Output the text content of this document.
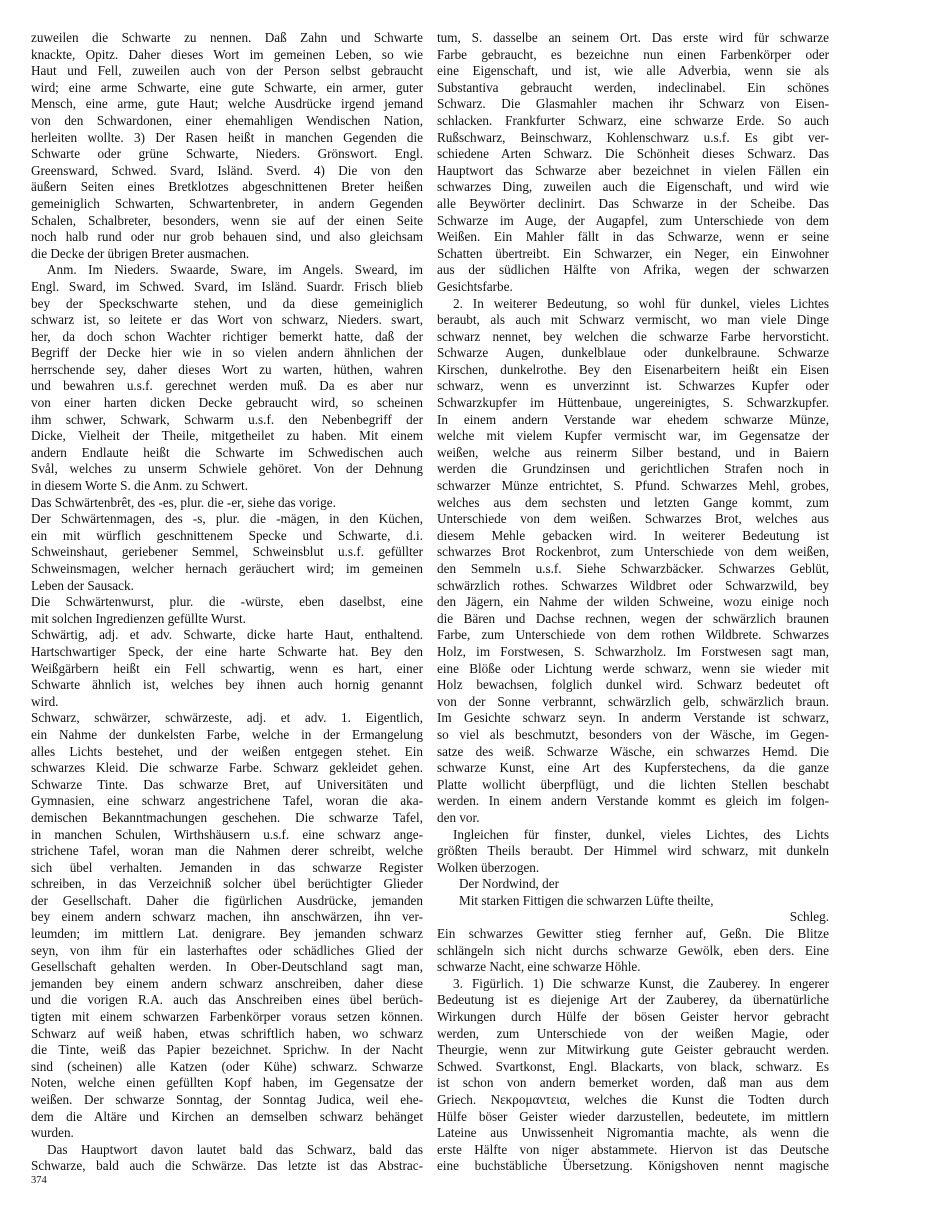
zuweilen die Schwarte zu nennen. Daß Zahn und Schwarte
knackte, Opitz. Daher dieses Wort im gemeinen Leben, so wie
Haut und Fell, zuweilen auch von der Person selbst gebraucht
wird; eine arme Schwarte, eine gute Schwarte, ein armer, guter
Mensch, eine arme, gute Haut; welche Ausdrücke irgend jemand
von den Schwardonen, einer ehemahligen Wendischen Nation,
herleiten wollte. 3) Der Rasen heißt in manchen Gegenden die
Schwarte oder grüne Schwarte, Nieders. Grönswort. Engl.
Greensward, Schwed. Svard, Isländ. Sverd. 4) Die von den
äußern Seiten eines Bretklotzes abgeschnittenen Breter heißen
gemeiniglich Schwarten, Schwartenbreter, in andern Gegenden
Schalen, Schalbreter, besonders, wenn sie auf der einen Seite
noch halb rund oder nur grob behauen sind, und also gleichsam
die Decke der übrigen Breter ausmachen.
Anm. Im Nieders. Swaarde, Sware, im Angels. Sweard, im
Engl. Sward, im Schwed. Svard, im Isländ. Suardr. Frisch blieb
bey der Speckschwarte stehen, und da diese gemeiniglich
schwarz ist, so leitete er das Wort von schwarz, Nieders. swart,
her, da doch schon Wachter richtiger bemerkt hatte, daß der
Begriff der Decke hier wie in so vielen andern ähnlichen der
herrschende sey, daher dieses Wort zu warten, hüthen, wahren
und bewahren u.s.f. gerechnet werden muß. Da es aber nur
von einer harten dicken Decke gebraucht wird, so scheinen
ihm schwer, Schwark, Schwarm u.s.f. den Nebenbegriff der
Dicke, Vielheit der Theile, mitgetheilet zu haben. Mit einem
andern Endlaute heißt die Schwarte im Schwedischen auch
Svål, welches zu unserm Schwiele gehöret. Von der Dehnung
in diesem Worte S. die Anm. zu Schwert.
Das Schwärtenbrêt, des -es, plur. die -er, siehe das vorige.
Der Schwärtenmagen, des -s, plur. die -mägen, in den Küchen,
ein mit würflich geschnittenem Specke und Schwarte, d.i.
Schweinshaut, geriebener Semmel, Schweinsblut u.s.f. gefüllter
Schweinsmagen, welcher hernach geräuchert wird; im gemeinen
Leben der Sausack.
Die Schwärtenwurst, plur. die -würste, eben daselbst, eine
mit solchen Ingredienzen gefüllte Wurst.
Schwärtig, adj. et adv. Schwarte, dicke harte Haut, enthaltend.
Hartschwartiger Speck, der eine harte Schwarte hat. Bey den
Weißgärbern heißt ein Fell schwartig, wenn es hart, einer
Schwarte ähnlich ist, welches bey ihnen auch hornig genannt
wird.
Schwarz, schwärzer, schwärzeste, adj. et adv. 1. Eigentlich,
ein Nahme der dunkelsten Farbe, welche in der Ermangelung
alles Lichts bestehet, und der weißen entgegen stehet. Ein
schwarzes Kleid. Die schwarze Farbe. Schwarz gekleidet gehen.
Schwarze Tinte. Das schwarze Bret, auf Universitäten und
Gymnasien, eine schwarz angestrichene Tafel, woran die aka-
demischen Bekanntmachungen geschehen. Die schwarze Tafel,
in manchen Schulen, Wirthshäusern u.s.f. eine schwarz ange-
strichene Tafel, woran man die Nahmen derer schreibt, welche
sich übel verhalten. Jemanden in das schwarze Register
schreiben, in das Verzeichniß solcher übel berüchtigter Glieder
der Gesellschaft. Daher die figürlichen Ausdrücke, jemanden
bey einem andern schwarz machen, ihn anschwärzen, ihn ver-
leumden; im mittlern Lat. denigrare. Bey jemanden schwarz
seyn, von ihm für ein lasterhaftes oder schädliches Glied der
Gesellschaft gehalten werden. In Ober-Deutschland sagt man,
jemanden bey einem andern schwarz anschreiben, daher diese
und die vorigen R.A. auch das Anschreiben eines übel berüch-
tigten mit einem schwarzen Farbenkörper voraus setzen können.
Schwarz auf weiß haben, etwas schriftlich haben, wo schwarz
die Tinte, weiß das Papier bezeichnet. Sprichw. In der Nacht
sind (scheinen) alle Katzen (oder Kühe) schwarz. Schwarze
Noten, welche einen gefüllten Kopf haben, im Gegensatze der
weißen. Der schwarze Sonntag, der Sonntag Judica, weil ehe-
dem die Altäre und Kirchen an demselben schwarz behänget
wurden.
Das Hauptwort davon lautet bald das Schwarz, bald das
Schwarze, bald auch die Schwärze. Das letzte ist das Abstrac-
tum, S. dasselbe an seinem Ort. Das erste wird für schwarze
Farbe gebraucht, es bezeichne nun einen Farbenkörper oder
eine Eigenschaft, und ist, wie alle Adverbia, wenn sie als
Substantiva gebraucht werden, indeclinabel. Ein schönes
Schwarz. Die Glasmahler machen ihr Schwarz von Eisen-
schlacken. Frankfurter Schwarz, eine schwarze Erde. So auch
Rußschwarz, Beinschwarz, Kohlenschwarz u.s.f. Es gibt ver-
schiedene Arten Schwarz. Die Schönheit dieses Schwarz. Das
Hauptwort das Schwarze aber bezeichnet in vielen Fällen ein
schwarzes Ding, zuweilen auch die Eigenschaft, und wird wie
alle Beywörter declinirt. Das Schwarze in der Scheibe. Das
Schwarze im Auge, der Augapfel, zum Unterschiede von dem
Weißen. Ein Mahler fällt in das Schwarze, wenn er seine
Schatten übertreibt. Ein Schwarzer, ein Neger, ein Einwohner
aus der südlichen Hälfte von Afrika, wegen der schwarzen
Gesichtsfarbe.
2. In weiterer Bedeutung, so wohl für dunkel, vieles Lichtes
beraubt, als auch mit Schwarz vermischt, wo man viele Dinge
schwarz nennet, bey welchen die schwarze Farbe hervorsticht.
Schwarze Augen, dunkelblaue oder dunkelbraune. Schwarze
Kirschen, dunkelrothe. Bey den Eisenarbeitern heißt ein Eisen
schwarz, wenn es unverzinnt ist. Schwarzes Kupfer oder
Schwarzkupfer im Hüttenbaue, ungereinigtes, S. Schwarzkupfer.
In einem andern Verstande war ehedem schwarze Münze,
welche mit vielem Kupfer vermischt war, im Gegensatze der
weißen, welche aus reinerm Silber bestand, und in Baiern
werden die Grundzinsen und gerichtlichen Strafen noch in
schwarzer Münze entrichtet, S. Pfund. Schwarzes Mehl, grobes,
welches aus dem sechsten und letzten Gange kommt, zum
Unterschiede von dem weißen. Schwarzes Brot, welches aus
diesem Mehle gebacken wird. In weiterer Bedeutung ist
schwarzes Brot Rockenbrot, zum Unterschiede von dem weißen,
den Semmeln u.s.f. Siehe Schwarzbäcker. Schwarzes Geblüt,
schwärzlich rothes. Schwarzes Wildbret oder Schwarzwild, bey
den Jägern, ein Nahme der wilden Schweine, wozu einige noch
die Bären und Dachse rechnen, wegen der schwärzlich braunen
Farbe, zum Unterschiede von dem rothen Wildbrete. Schwarzes
Holz, im Forstwesen, S. Schwarzholz. Im Forstwesen sagt man,
eine Blöße oder Lichtung werde schwarz, wenn sie wieder mit
Holz bewachsen, folglich dunkel wird. Schwarz bedeutet oft
von der Sonne verbrannt, schwärzlich gelb, schwärzlich braun.
Im Gesichte schwarz seyn. In anderm Verstande ist schwarz,
so viel als beschmutzt, besonders von der Wäsche, im Gegen-
satze des weiß. Schwarze Wäsche, ein schwarzes Hemd. Die
schwarze Kunst, eine Art des Kupferstechens, da die ganze
Platte wollicht überpflügt, und die lichten Stellen beschabt
werden. In einem andern Verstande kommt es gleich im folgen-
den vor.
Ingleichen für finster, dunkel, vieles Lichtes, des Lichts
größten Theils beraubt. Der Himmel wird schwarz, mit dunkeln
Wolken überzogen.
Der Nordwind, der
Mit starken Fittigen die schwarzen Lüfte theilte,
Schleg.
Ein schwarzes Gewitter stieg fernher auf, Geßn. Die Blitze
schlängeln sich nicht durchs schwarze Gewölk, eben ders. Eine
schwarze Nacht, eine schwarze Höhle.
3. Figürlich. 1) Die schwarze Kunst, die Zauberey. In engerer
Bedeutung ist es diejenige Art der Zauberey, da übernatürliche
Wirkungen durch Hülfe der bösen Geister hervor gebracht
werden, zum Unterschiede von der weißen Magie, oder
Theurgie, wenn zur Mitwirkung gute Geister gebraucht werden.
Schwed. Svartkonst, Engl. Blackarts, von black, schwarz. Es
ist schon von andern bemerket worden, daß man aus dem
Griech. Νεκρομαντεια, welches die Kunst die Todten durch
Hülfe böser Geister wieder darzustellen, bedeutete, im mittlern
Lateine aus Unwissenheit Nigromantia machte, als wenn die
erste Hälfte von niger abstammete. Hiervon ist das Deutsche
eine buchstäbliche Übersetzung. Königshoven nennt magische
374
